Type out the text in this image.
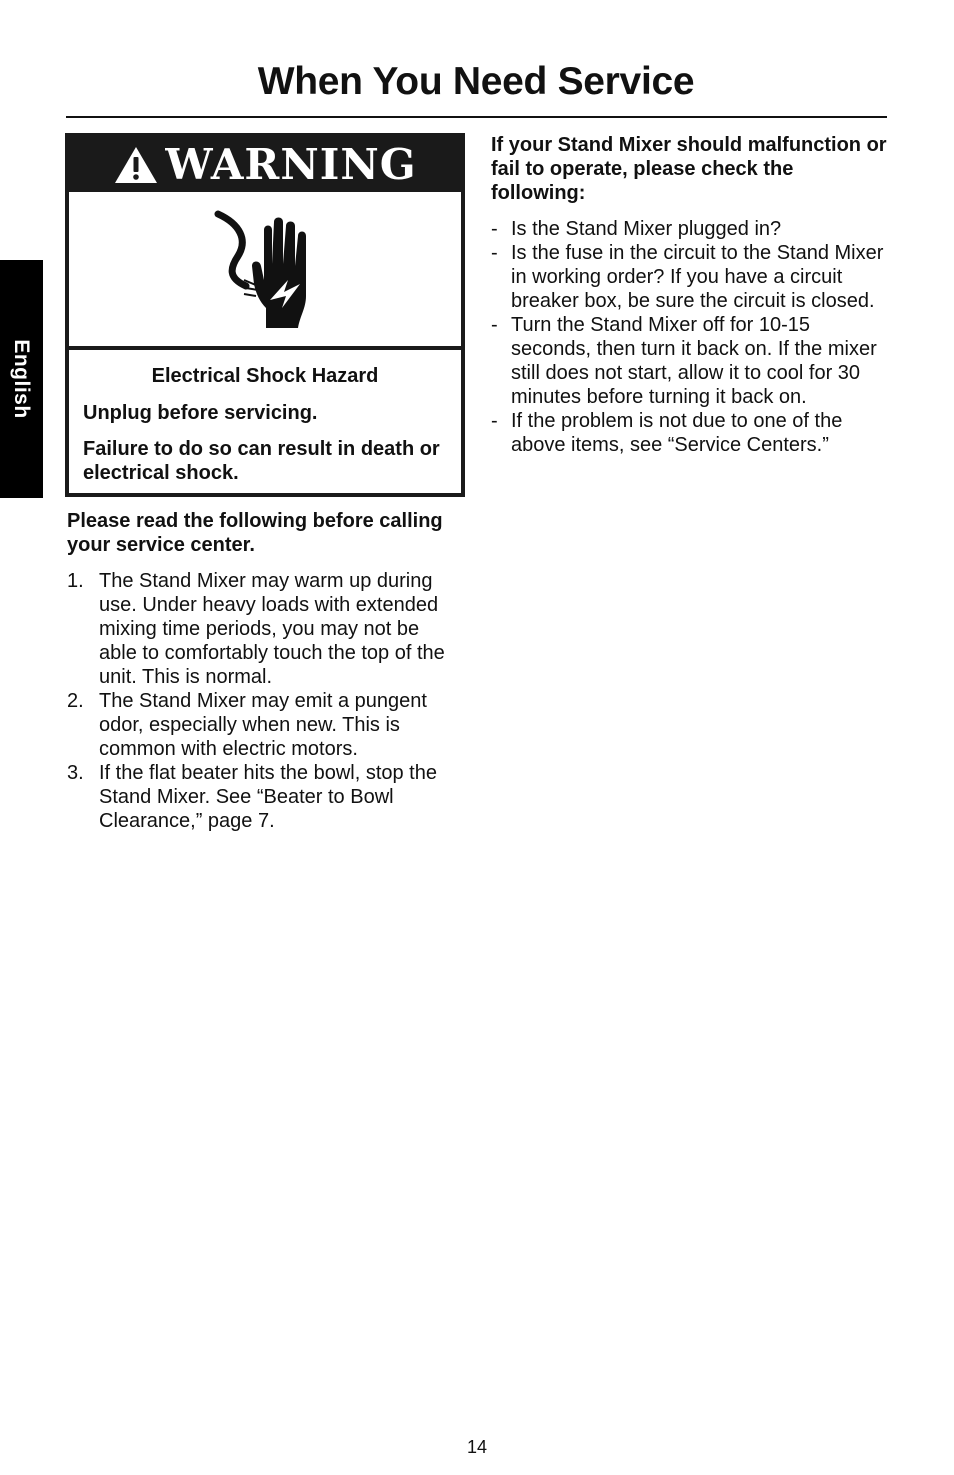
When You Need Service
English
WARNING
Electrical Shock Hazard
Unplug before servicing.
Failure to do so can result in death or electrical shock.
Please read the following before calling your service center.
1. The Stand Mixer may warm up during use. Under heavy loads with extended mixing time periods, you may not be able to comfortably touch the top of the unit. This is normal.
2. The Stand Mixer may emit a pungent odor, especially when new. This is common with electric motors.
3. If the flat beater hits the bowl, stop the Stand Mixer. See “Beater to Bowl Clearance,” page 7.
If your Stand Mixer should malfunction or fail to operate, please check the following:
- Is the Stand Mixer plugged in?
- Is the fuse in the circuit to the Stand Mixer in working order? If you have a circuit breaker box, be sure the circuit is closed.
- Turn the Stand Mixer off for 10-15 seconds, then turn it back on. If the mixer still does not start, allow it to cool for 30 minutes before turning it back on.
- If the problem is not due to one of the above items, see “Service Centers.”
14
